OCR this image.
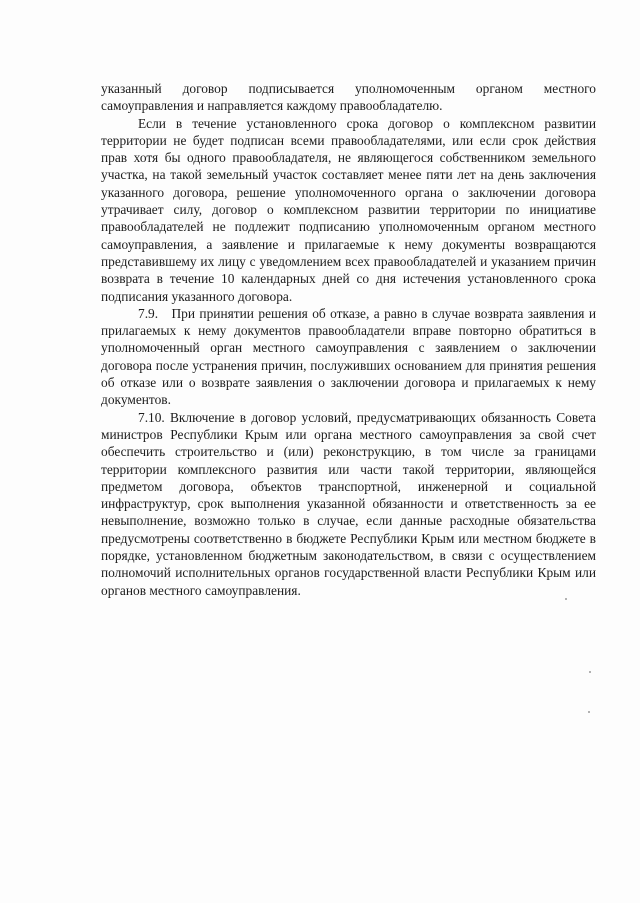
указанный договор подписывается уполномоченным органом местного самоуправления и направляется каждому правообладателю.

Если в течение установленного срока договор о комплексном развитии территории не будет подписан всеми правообладателями, или если срок действия прав хотя бы одного правообладателя, не являющегося собственником земельного участка, на такой земельный участок составляет менее пяти лет на день заключения указанного договора, решение уполномоченного органа о заключении договора утрачивает силу, договор о комплексном развитии территории по инициативе правообладателей не подлежит подписанию уполномоченным органом местного самоуправления, а заявление и прилагаемые к нему документы возвращаются представившему их лицу с уведомлением всех правообладателей и указанием причин возврата в течение 10 календарных дней со дня истечения установленного срока подписания указанного договора.

7.9. При принятии решения об отказе, а равно в случае возврата заявления и прилагаемых к нему документов правообладатели вправе повторно обратиться в уполномоченный орган местного самоуправления с заявлением о заключении договора после устранения причин, послуживших основанием для принятия решения об отказе или о возврате заявления о заключении договора и прилагаемых к нему документов.

7.10. Включение в договор условий, предусматривающих обязанность Совета министров Республики Крым или органа местного самоуправления за свой счет обеспечить строительство и (или) реконструкцию, в том числе за границами территории комплексного развития или части такой территории, являющейся предметом договора, объектов транспортной, инженерной и социальной инфраструктур, срок выполнения указанной обязанности и ответственность за ее невыполнение, возможно только в случае, если данные расходные обязательства предусмотрены соответственно в бюджете Республики Крым или местном бюджете в порядке, установленном бюджетным законодательством, в связи с осуществлением полномочий исполнительных органов государственной власти Республики Крым или органов местного самоуправления.
